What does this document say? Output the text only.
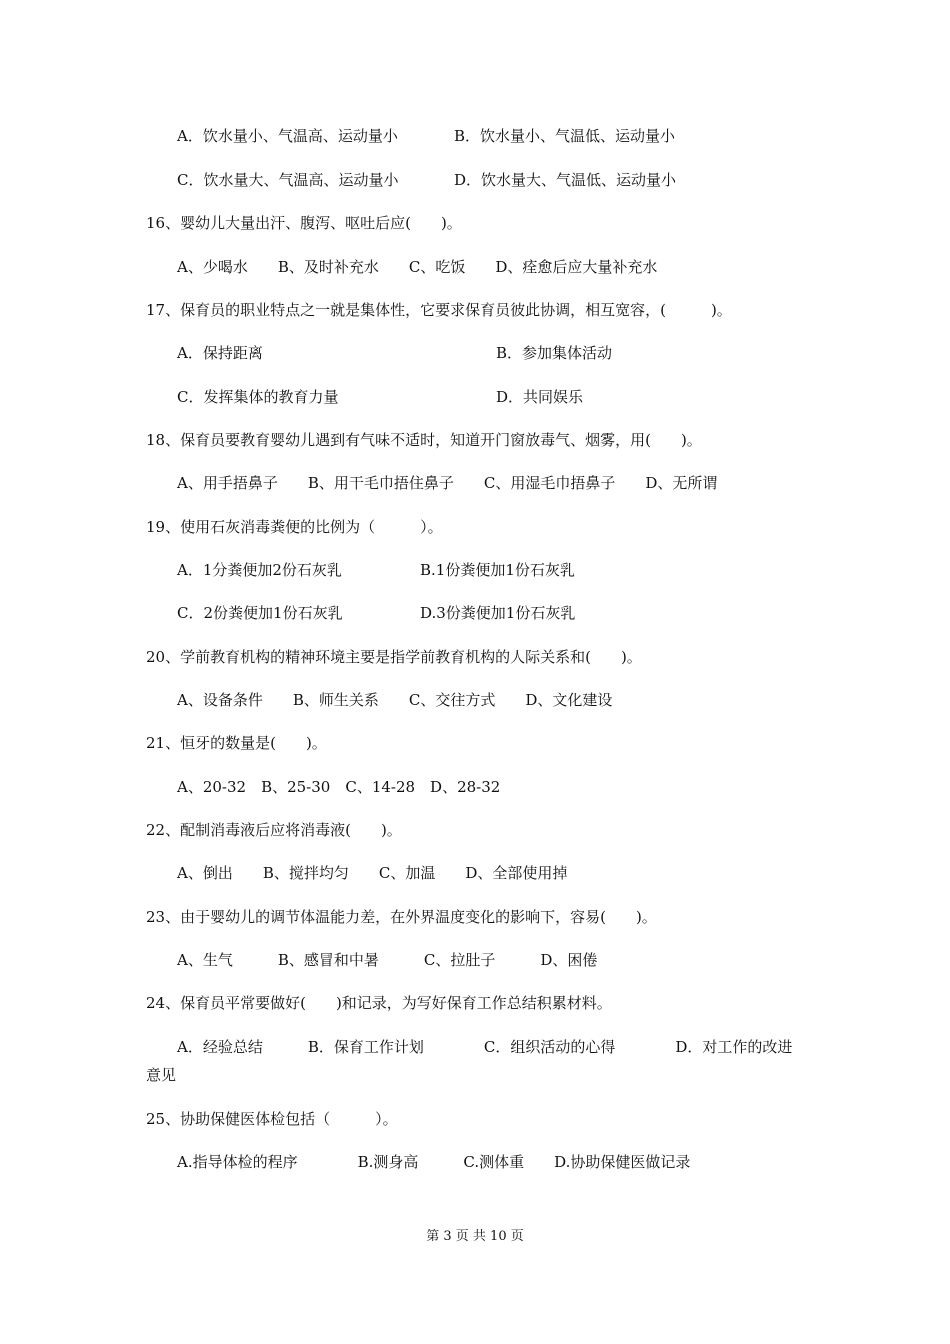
A．饮水量小、气温高、运动量小	B．饮水量小、气温低、运动量小
C．饮水量大、气温高、运动量小	D．饮水量大、气温低、运动量小
16、婴幼儿大量出汗、腹泻、呕吐后应(　　)。
A、少喝水　　B、及时补充水　　C、吃饭　　D、痊愈后应大量补充水
17、保育员的职业特点之一就是集体性，它要求保育员彼此协调，相互宽容，(　　　)。
A．保持距离	B．参加集体活动
C．发挥集体的教育力量	D．共同娱乐
18、保育员要教育婴幼儿遇到有气味不适时，知道开门窗放毒气、烟雾，用(　　)。
A、用手捂鼻子　　B、用干毛巾捂住鼻子　　C、用湿毛巾捂鼻子　　D、无所谓
19、使用石灰消毒粪便的比例为（　　　）。
A．1分粪便加2份石灰乳	B.1份粪便加1份石灰乳
C．2份粪便加1份石灰乳	D.3份粪便加1份石灰乳
20、学前教育机构的精神环境主要是指学前教育机构的人际关系和(　　)。
A、设备条件　　B、师生关系　　C、交往方式　　D、文化建设
21、恒牙的数量是(　　)。
A、20-32　B、25-30　C、14-28　D、28-32
22、配制消毒液后应将消毒液(　　)。
A、倒出　　B、搅拌均匀　　C、加温　　D、全部使用掉
23、由于婴幼儿的调节体温能力差，在外界温度变化的影响下，容易(　　)。
A、生气　　　B、感冒和中暑　　　C、拉肚子　　　D、困倦
24、保育员平常要做好(　　)和记录，为写好保育工作总结积累材料。
A．经验总结　　　B．保育工作计划　　　　C．组织活动的心得　　　　D．对工作的改进
意见
25、协助保健医体检包括（　　　）。
A.指导体检的程序　　　　B.测身高　　　C.测体重　　D.协助保健医做记录
第 3 页 共 10 页
